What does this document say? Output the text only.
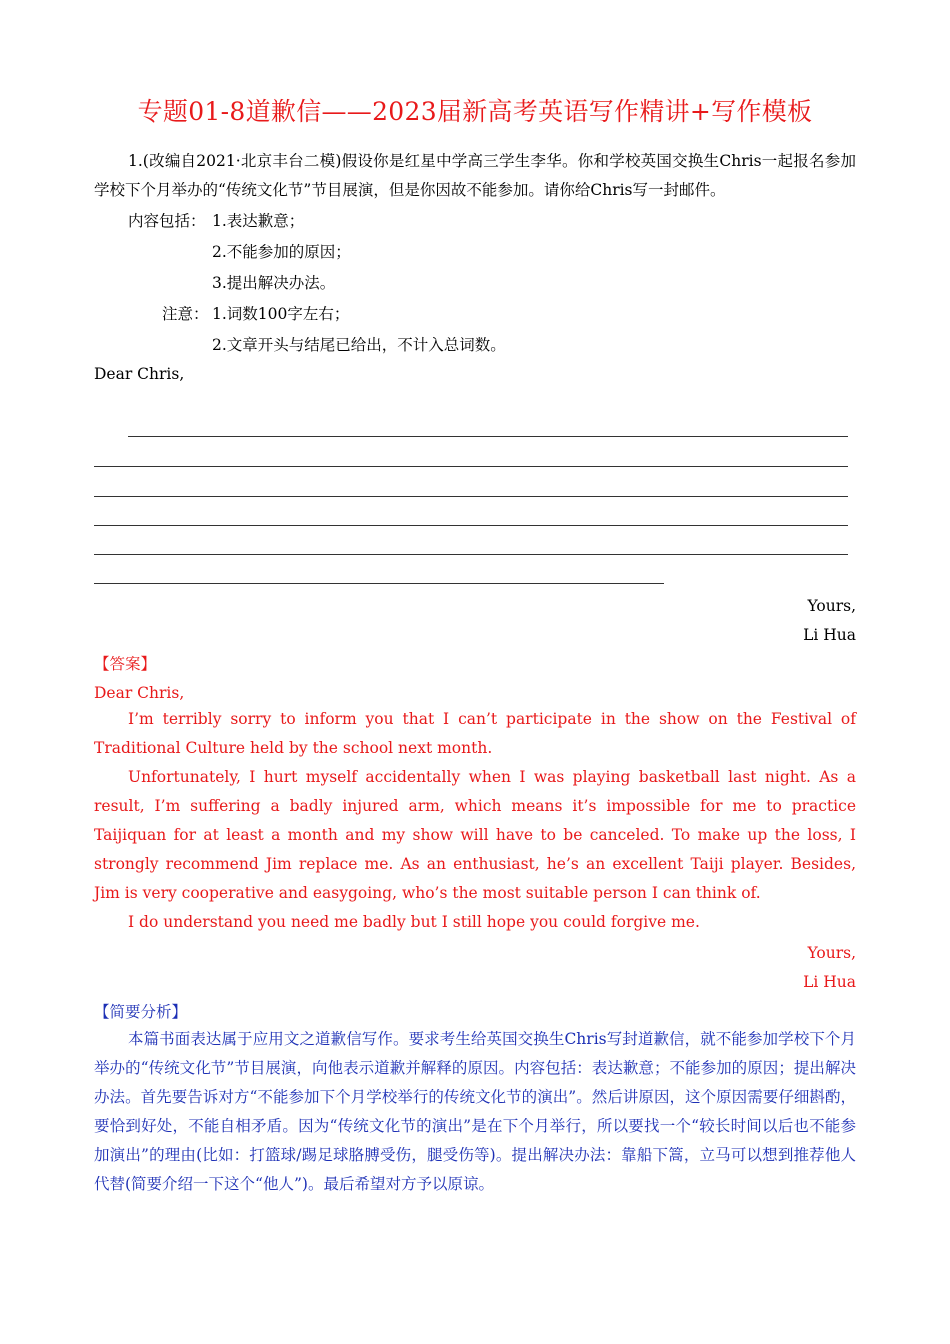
专题01-8道歉信——2023届新高考英语写作精讲+写作模板
1.(改编自2021·北京丰台二模)假设你是红星中学高三学生李华。你和学校英国交换生Chris一起报名参加学校下个月举办的“传统文化节”节目展演，但是你因故不能参加。请你给Chris写一封邮件。
内容包括： 1.表达歉意；
2.不能参加的原因；
3.提出解决办法。
注意： 1.词数100字左右；
2.文章开头与结尾已给出，不计入总词数。
Dear Chris,
Yours,
Li Hua
【答案】
Dear Chris,
I’m terribly sorry to inform you that I can’t participate in the show on the Festival of Traditional Culture held by the school next month.
Unfortunately, I hurt myself accidentally when I was playing basketball last night. As a result, I’m suffering a badly injured arm, which means it’s impossible for me to practice Taijiquan for at least a month and my show will have to be canceled. To make up the loss, I strongly recommend Jim replace me. As an enthusiast, he’s an excellent Taiji player. Besides, Jim is very cooperative and easygoing, who’s the most suitable person I can think of.
I do understand you need me badly but I still hope you could forgive me.
Yours,
Li Hua
【简要分析】
本篇书面表达属于应用文之道歉信写作。要求考生给英国交换生Chris写封道歉信，就不能参加学校下个月举办的“传统文化节”节目展演，向他表示道歉并解释的原因。内容包括：表达歉意；不能参加的原因；提出解决办法。首先要告诉对方“不能参加下个月学校举行的传统文化节的演出”。然后讲原因，这个原因需要仔细斟酌，要恰到好处，不能自相矛盾。因为“传统文化节的演出”是在下个月举行，所以要找一个“较长时间以后也不能参加演出”的理由(比如：打篮球/踢足球胳膊受伤，腿受伤等)。提出解决办法：靠船下篙，立马可以想到推荐他人代替(简要介绍一下这个“他人”)。最后希望对方予以原谅。
